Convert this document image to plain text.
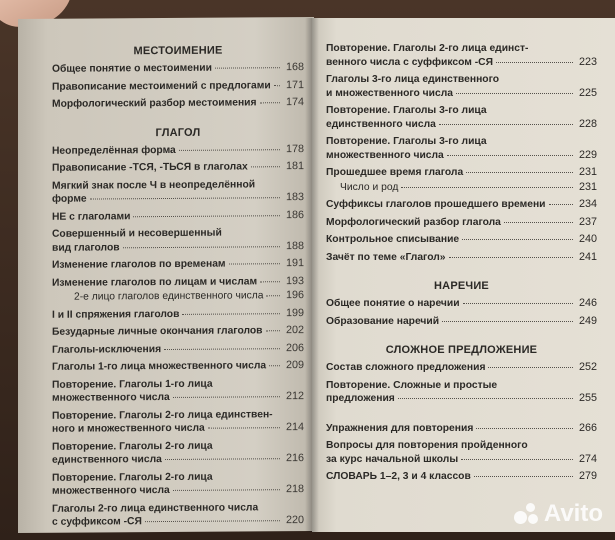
МЕСТОИМЕНИЕ
Общее понятие о местоимении	168
Правописание местоимений с предлогами 171
Морфологический разбор местоимения	174
ГЛАГОЛ
Неопределённая форма	178
Правописание -ТСЯ, -ТЬСЯ в глаголах	181
Мягкий знак после Ч в неопределённой
форме	183
НЕ с глаголами	186
Совершенный и несовершенный
вид глаголов	188
Изменение глаголов по временам	191
Изменение глаголов по лицам и числам	193
2-е лицо глаголов единственного числа 196
I и II спряжения глаголов	199
Безударные личные окончания глаголов 202
Глаголы-исключения	206
Глаголы 1-го лица множественного числа 209
Повторение. Глаголы 1-го лица
множественного числа	212
Повторение. Глаголы 2-го лица единствен-
ного и множественного числа	214
Повторение. Глаголы 2-го лица
единственного числа	216
Повторение. Глаголы 2-го лица
множественного числа	218
Глаголы 2-го лица единственного числа
с суффиксом -СЯ	220
Повторение. Глаголы 2-го лица единст-
венного числа с суффиксом -СЯ	223
Глаголы 3-го лица единственного
и множественного числа	225
Повторение. Глаголы 3-го лица
единственного числа	228
Повторение. Глаголы 3-го лица
множественного числа	229
Прошедшее время глагола	231
Число и род	231
Суффиксы глаголов прошедшего времени	234
Морфологический разбор глагола	237
Контрольное списывание	240
Зачёт по теме «Глагол»	241
НАРЕЧИЕ
Общее понятие о наречии	246
Образование наречий	249
СЛОЖНОЕ ПРЕДЛОЖЕНИЕ
Состав сложного предложения	252
Повторение. Сложные и простые
предложения	255
Упражнения для повторения	266
Вопросы для повторения пройденного
за курс начальной школы	274
СЛОВАРЬ 1–2, 3 и 4 классов	279
Avito
